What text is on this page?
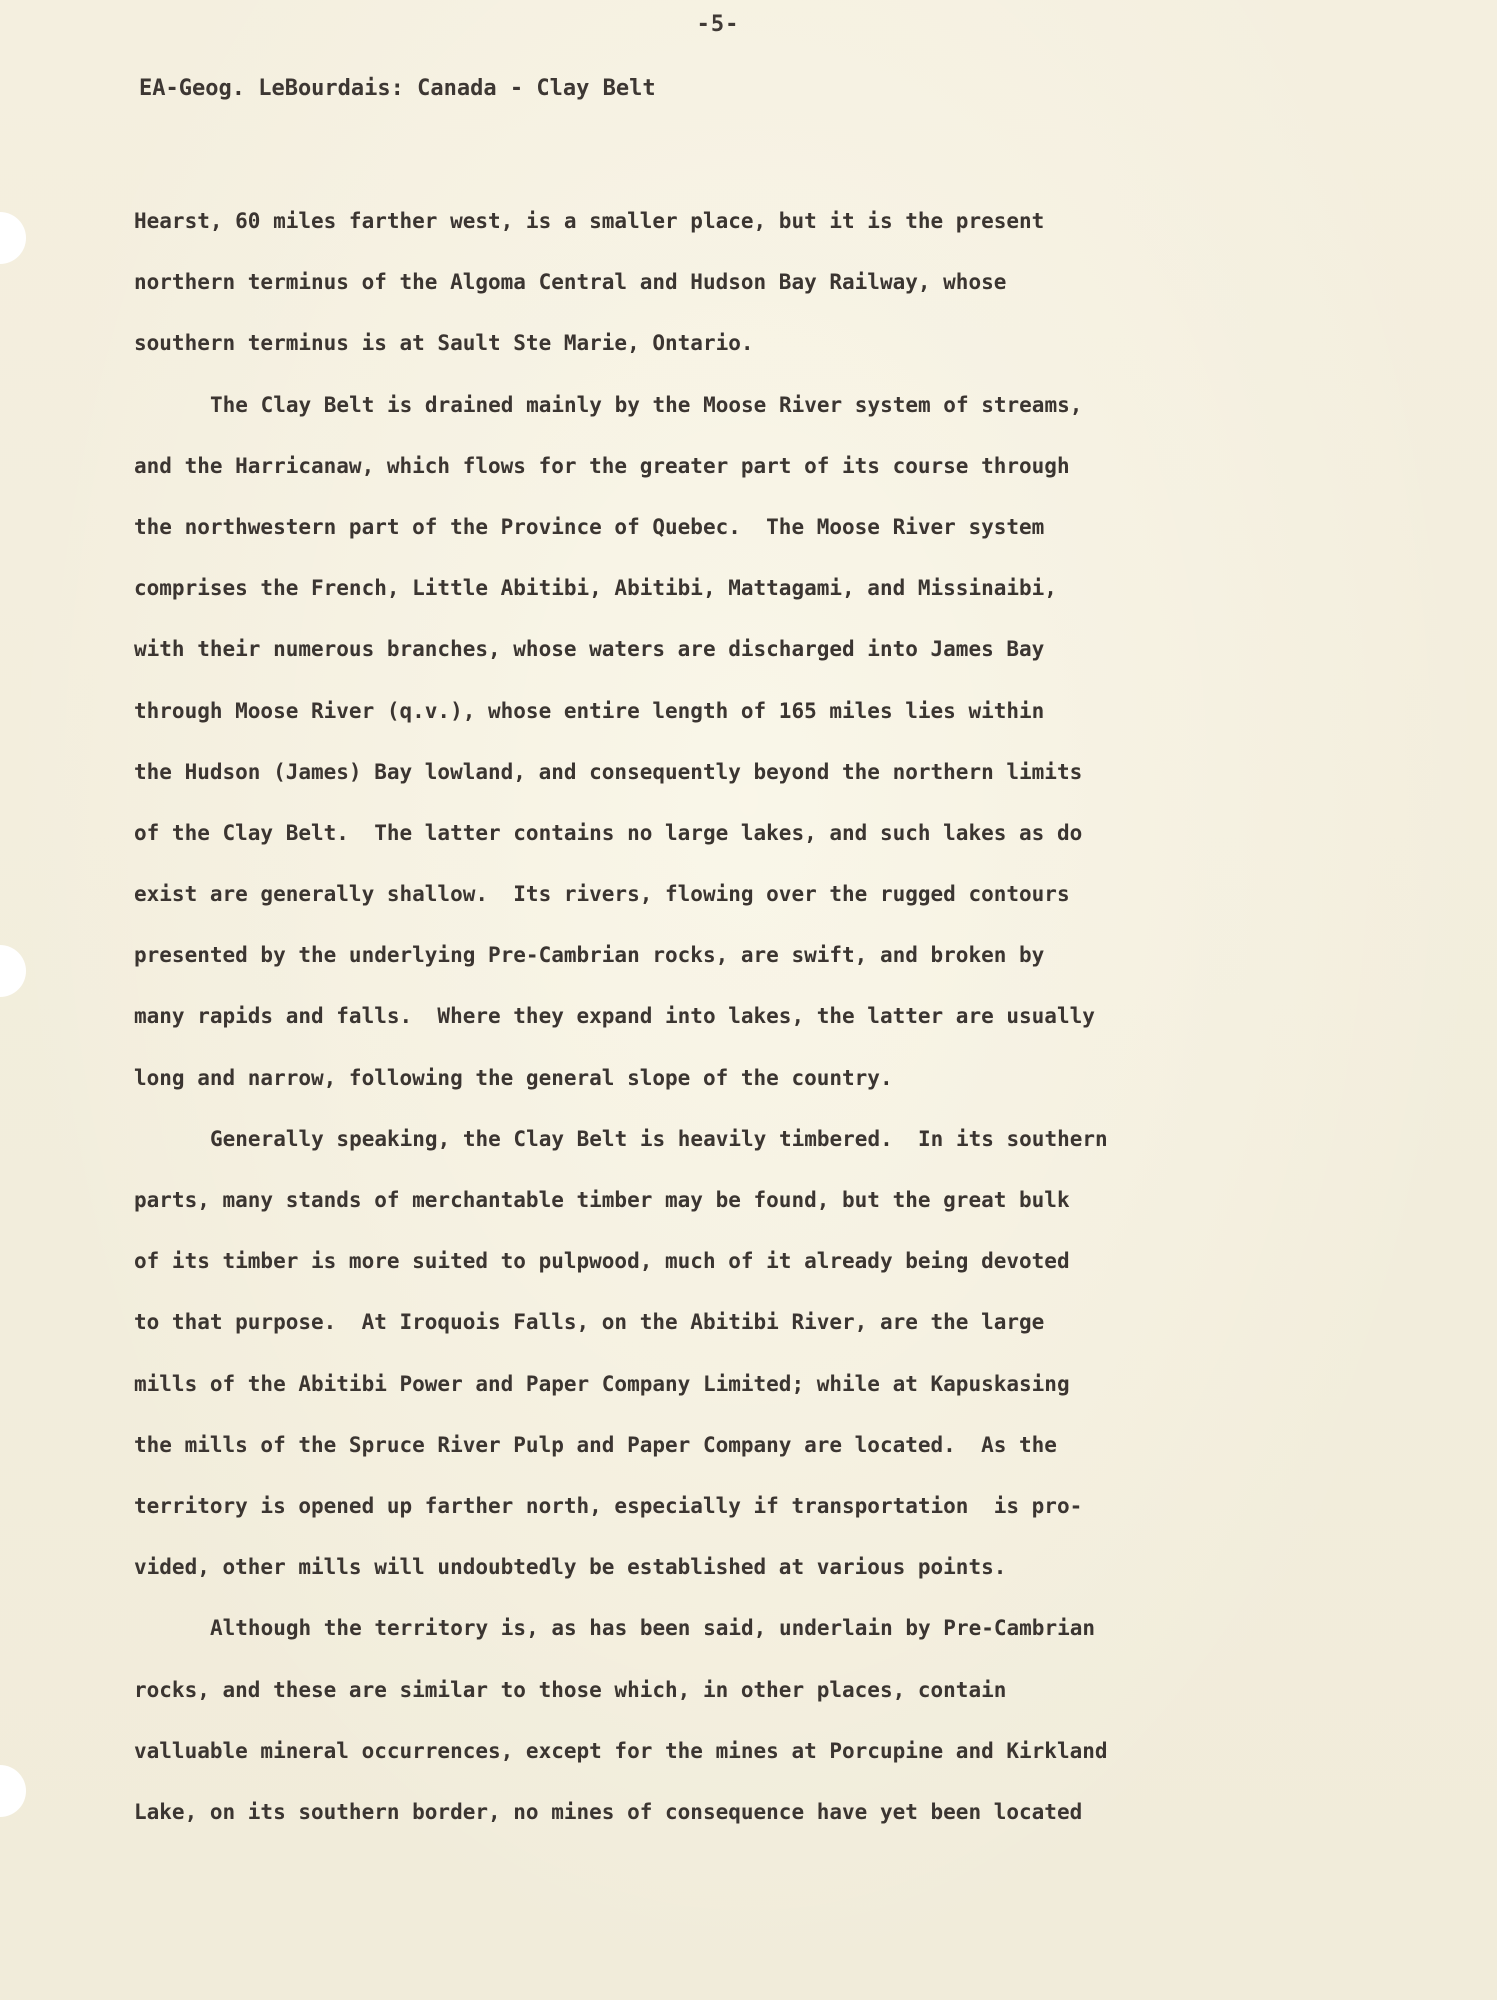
-5-
EA-Geog. LeBourdais: Canada - Clay Belt
Hearst, 60 miles farther west, is a smaller place, but it is the present
northern terminus of the Algoma Central and Hudson Bay Railway, whose
southern terminus is at Sault Ste Marie, Ontario.
The Clay Belt is drained mainly by the Moose River system of streams,
and the Harricanaw, which flows for the greater part of its course through
the northwestern part of the Province of Quebec.  The Moose River system
comprises the French, Little Abitibi, Abitibi, Mattagami, and Missinaibi,
with their numerous branches, whose waters are discharged into James Bay
through Moose River (q.v.), whose entire length of 165 miles lies within
the Hudson (James) Bay lowland, and consequently beyond the northern limits
of the Clay Belt.  The latter contains no large lakes, and such lakes as do
exist are generally shallow.  Its rivers, flowing over the rugged contours
presented by the underlying Pre-Cambrian rocks, are swift, and broken by
many rapids and falls.  Where they expand into lakes, the latter are usually
long and narrow, following the general slope of the country.
Generally speaking, the Clay Belt is heavily timbered.  In its southern
parts, many stands of merchantable timber may be found, but the great bulk
of its timber is more suited to pulpwood, much of it already being devoted
to that purpose.  At Iroquois Falls, on the Abitibi River, are the large
mills of the Abitibi Power and Paper Company Limited; while at Kapuskasing
the mills of the Spruce River Pulp and Paper Company are located.  As the
territory is opened up farther north, especially if transportation  is pro-
vided, other mills will undoubtedly be established at various points.
Although the territory is, as has been said, underlain by Pre-Cambrian
rocks, and these are similar to those which, in other places, contain
valluable mineral occurrences, except for the mines at Porcupine and Kirkland
Lake, on its southern border, no mines of consequence have yet been located
